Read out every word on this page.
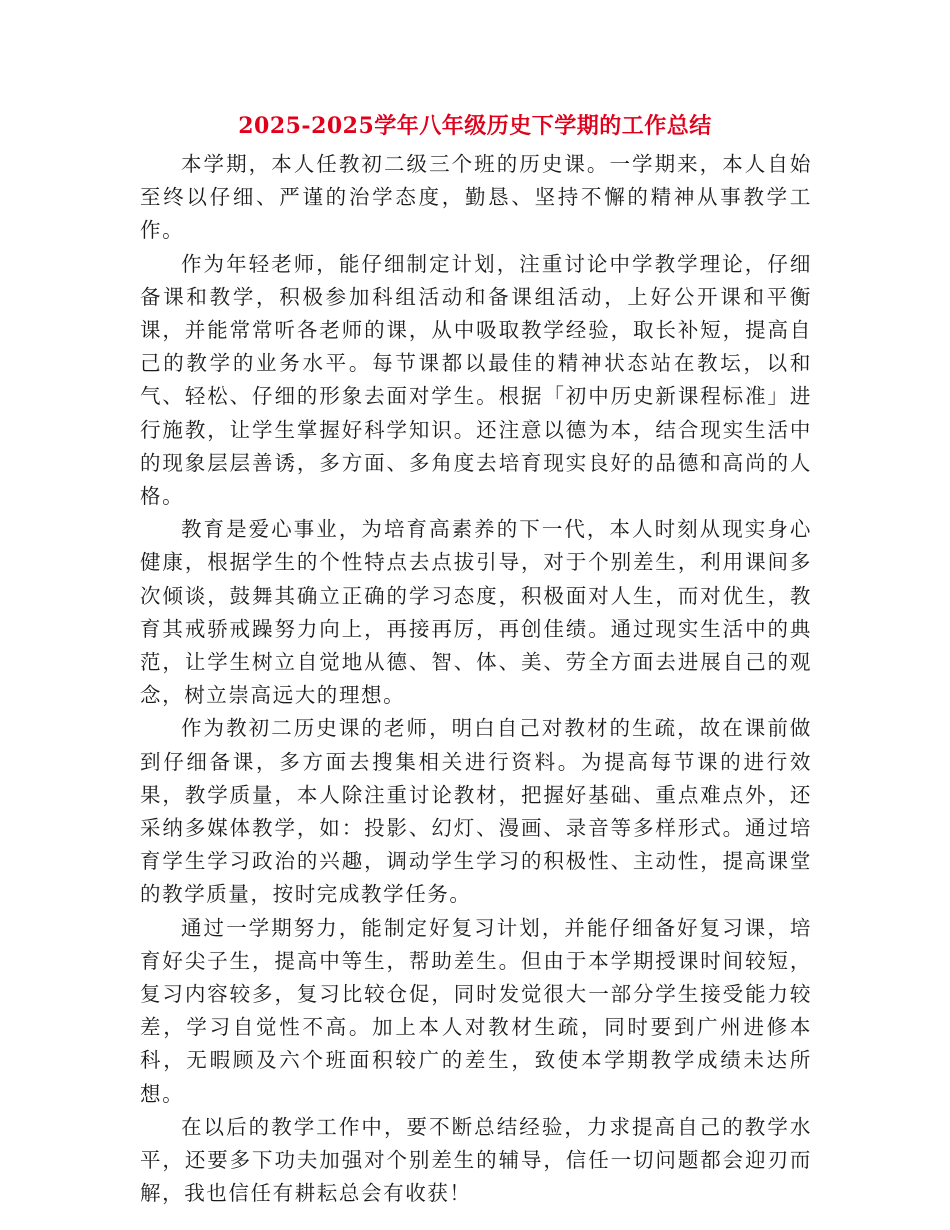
2025-2025学年八年级历史下学期的工作总结

本学期，本人任教初二级三个班的历史课。一学期来，本人自始至终以仔细、严谨的治学态度，勤恳、坚持不懈的精神从事教学工作。

作为年轻老师，能仔细制定计划，注重讨论中学教学理论，仔细备课和教学，积极参加科组活动和备课组活动，上好公开课和平衡课，并能常常听各老师的课，从中吸取教学经验，取长补短，提高自己的教学的业务水平。每节课都以最佳的精神状态站在教坛，以和气、轻松、仔细的形象去面对学生。根据「初中历史新课程标准」进行施教，让学生掌握好科学知识。还注意以德为本，结合现实生活中的现象层层善诱，多方面、多角度去培育现实良好的品德和高尚的人格。

教育是爱心事业，为培育高素养的下一代，本人时刻从现实身心健康，根据学生的个性特点去点拔引导，对于个别差生，利用课间多次倾谈，鼓舞其确立正确的学习态度，积极面对人生，而对优生，教育其戒骄戒躁努力向上，再接再厉，再创佳绩。通过现实生活中的典范，让学生树立自觉地从德、智、体、美、劳全方面去进展自己的观念，树立崇高远大的理想。

作为教初二历史课的老师，明白自己对教材的生疏，故在课前做到仔细备课，多方面去搜集相关进行资料。为提高每节课的进行效果，教学质量，本人除注重讨论教材，把握好基础、重点难点外，还采纳多媒体教学，如：投影、幻灯、漫画、录音等多样形式。通过培育学生学习政治的兴趣，调动学生学习的积极性、主动性，提高课堂的教学质量，按时完成教学任务。

通过一学期努力，能制定好复习计划，并能仔细备好复习课，培育好尖子生，提高中等生，帮助差生。但由于本学期授课时间较短，复习内容较多，复习比较仓促，同时发觉很大一部分学生接受能力较差，学习自觉性不高。加上本人对教材生疏，同时要到广州进修本科，无暇顾及六个班面积较广的差生，致使本学期教学成绩未达所想。

在以后的教学工作中，要不断总结经验，力求提高自己的教学水平，还要多下功夫加强对个别差生的辅导，信任一切问题都会迎刃而解，我也信任有耕耘总会有收获！
